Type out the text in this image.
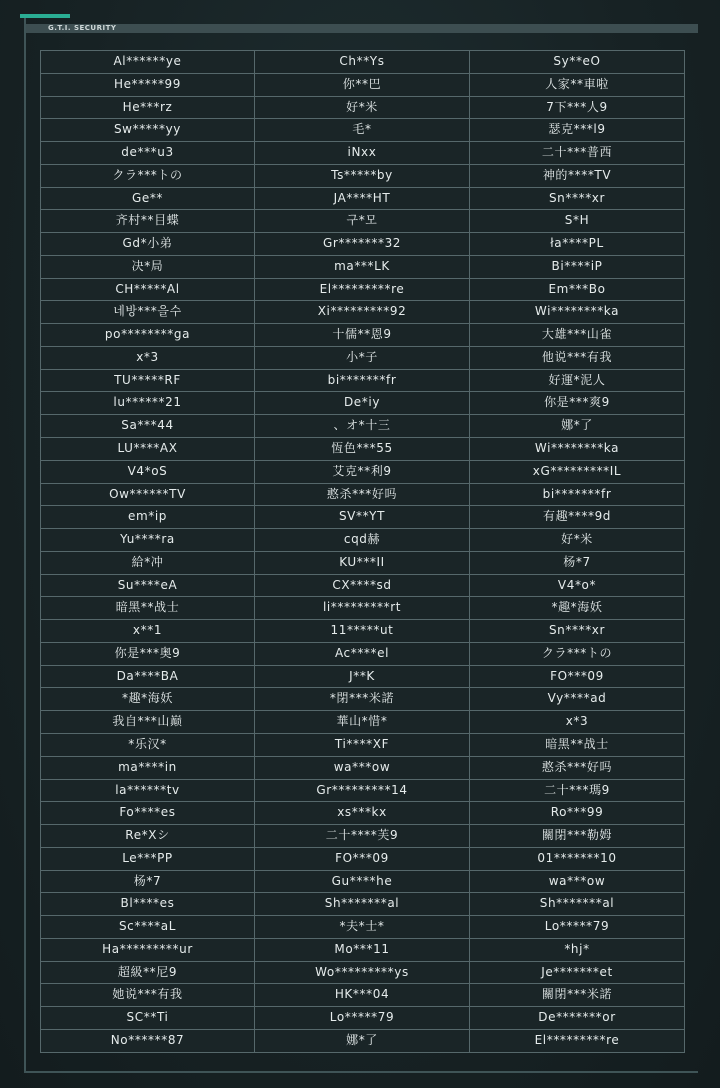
G.T.I. SECURITY
Al******ye	Ch**Ys	Sy**eO
He*****99	你**巴	人家**車啦
He***rz	好*米	7下***人9
Sw*****yy	毛*	瑟克***l9
de***u3	iNxx	二十***普西
クラ***トの	Ts*****by	神的****TV
Ge**	JA****HT	Sn****xr
齐村**目蝶	구*모	S*H
Gd*小弟	Gr*******32	ła****PL
决*局	ma***LK	Bi****iP
CH*****Al	El*********re	Em***Bo
네방***을수	Xi*********92	Wi********ka
po********ga	十儒**恩9	大雄***山雀
x*3	小*子	他说***有我
TU*****RF	bi*******fr	好運*泥人
lu******21	De*iy	你是***爽9
Sa***44	、オ*十三	娜*了
LU****AX	恆色***55	Wi********ka
V4*oS	艾克**利9	xG*********IL
Ow******TV	憨杀***好吗	bi*******fr
em*ip	SV**YT	有趣****9d
Yu****ra	cqd赫	好*米
給*冲	KU***II	杨*7
Su****eA	CX****sd	V4*o*
暗黑**战士	li*********rt	*趣*海妖
x**1	11*****ut	Sn****xr
你是***奥9	Ac****el	クラ***トの
Da****BA	J**K	FO***09
*趣*海妖	*閉***米諾	Vy****ad
我自***山巅	華山*惜*	x*3
*乐汉*	Ti****XF	暗黑**战士
ma****in	wa***ow	憨杀***好吗
la******tv	Gr*********14	二十***瑪9
Fo****es	xs***kx	Ro***99
Re*Xシ	二十****芙9	關閉***勒姆
Le***PP	FO***09	01*******10
杨*7	Gu****he	wa***ow
Bl****es	Sh*******al	Sh*******al
Sc****aL	*夫*士*	Lo*****79
Ha*********ur	Mo***11	*hj*
超級**尼9	Wo*********ys	Je*******et
她说***有我	HK***04	關閉***米諾
SC**Ti	Lo*****79	De*******or
No******87	娜*了	El*********re
